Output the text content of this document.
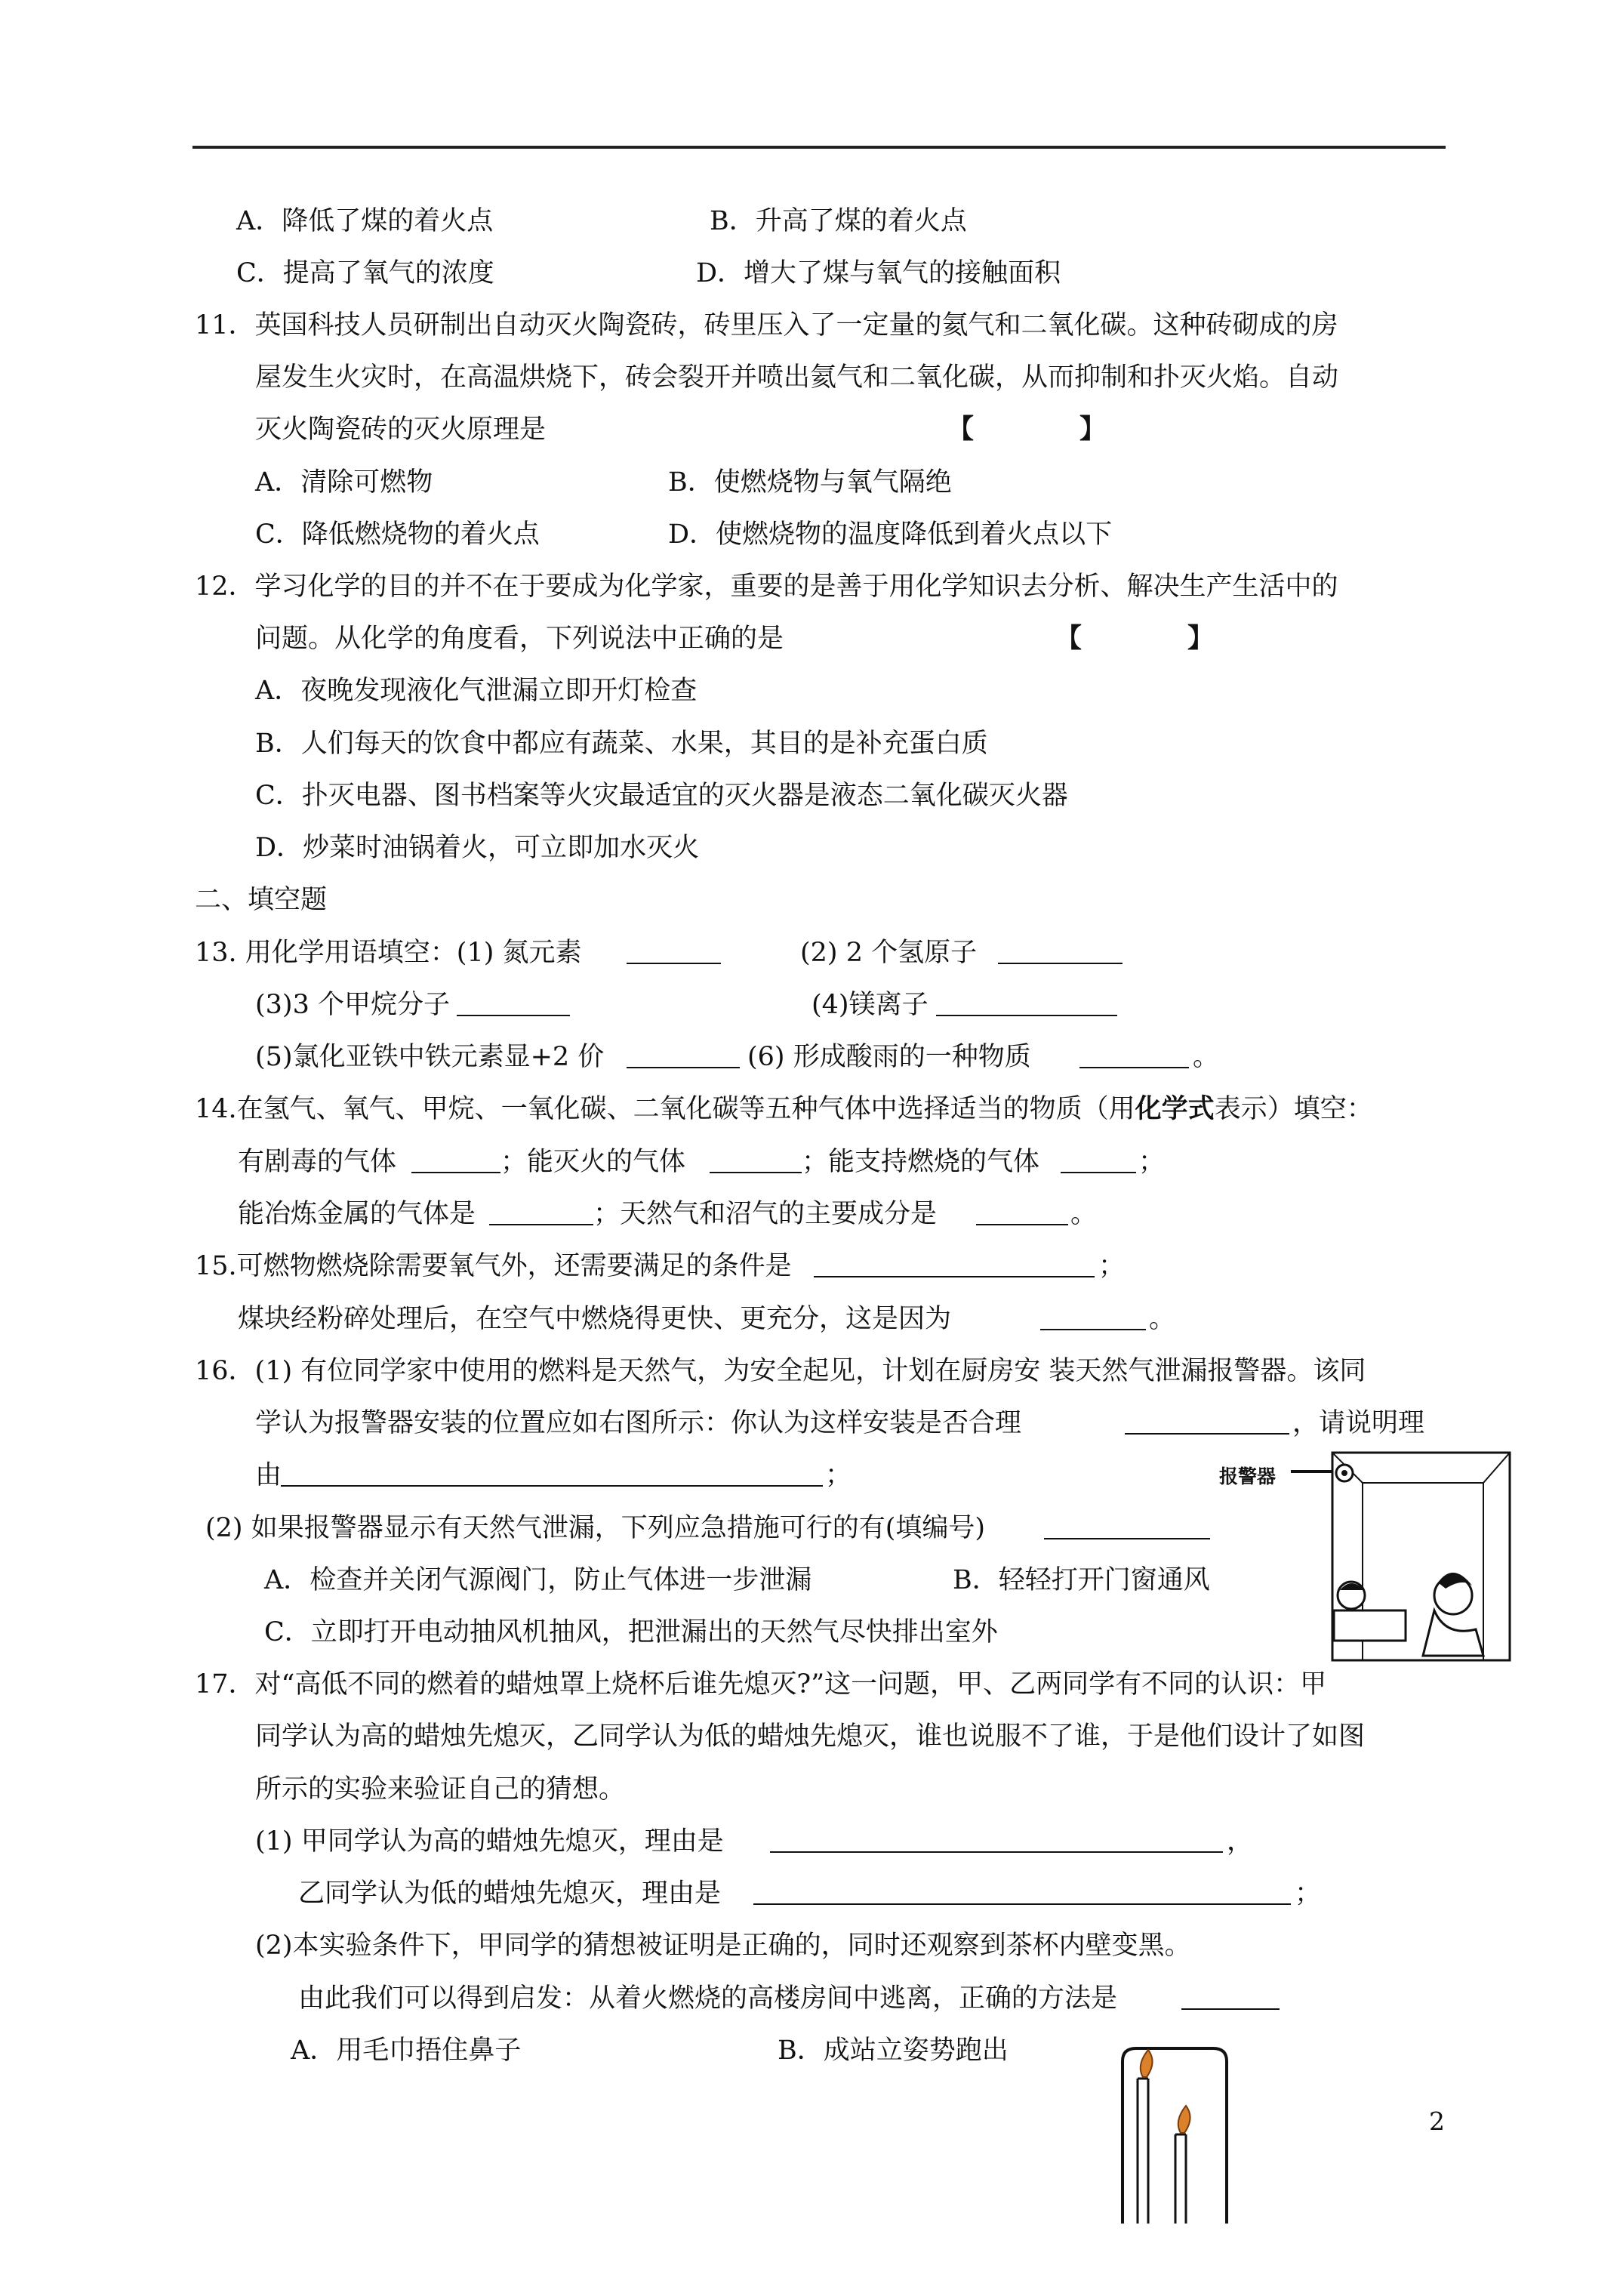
A．降低了煤的着火点	B．升高了煤的着火点
C．提高了氧气的浓度	D．增大了煤与氧气的接触面积
11．英国科技人员研制出自动灭火陶瓷砖，砖里压入了一定量的氦气和二氧化碳。这种砖砌成的房
屋发生火灾时，在高温烘烧下，砖会裂开并喷出氦气和二氧化碳，从而抑制和扑灭火焰。自动
灭火陶瓷砖的灭火原理是	【　　　　】
A．清除可燃物	B．使燃烧物与氧气隔绝
C．降低燃烧物的着火点	D．使燃烧物的温度降低到着火点以下
12．学习化学的目的并不在于要成为化学家，重要的是善于用化学知识去分析、解决生产生活中的
问题。从化学的角度看，下列说法中正确的是	【　　　　】
A．夜晚发现液化气泄漏立即开灯检查
B．人们每天的饮食中都应有蔬菜、水果，其目的是补充蛋白质
C．扑灭电器、图书档案等火灾最适宜的灭火器是液态二氧化碳灭火器
D．炒菜时油锅着火，可立即加水灭火
二、填空题
13. 用化学用语填空：(1) 氮元素	(2) 2 个氢原子
(3)3 个甲烷分子	(4)镁离子
(5)氯化亚铁中铁元素显+2 价	(6) 形成酸雨的一种物质	。
14.在氢气、氧气、甲烷、一氧化碳、二氧化碳等五种气体中选择适当的物质（用化学式表示）填空：
有剧毒的气体	；能灭火的气体	；能支持燃烧的气体	；
能冶炼金属的气体是	；天然气和沼气的主要成分是	。
15.可燃物燃烧除需要氧气外，还需要满足的条件是	；
煤块经粉碎处理后，在空气中燃烧得更快、更充分，这是因为	。
16．(1) 有位同学家中使用的燃料是天然气，为安全起见，计划在厨房安 装天然气泄漏报警器。该同
学认为报警器安装的位置应如右图所示：你认为这样安装是否合理	，请说明理
由	；
(2) 如果报警器显示有天然气泄漏，下列应急措施可行的有(填编号)
A．检查并关闭气源阀门，防止气体进一步泄漏	B．轻轻打开门窗通风
C．立即打开电动抽风机抽风，把泄漏出的天然气尽快排出室外
报警器
17．对“高低不同的燃着的蜡烛罩上烧杯后谁先熄灭?”这一问题，甲、乙两同学有不同的认识：甲
同学认为高的蜡烛先熄灭，乙同学认为低的蜡烛先熄灭，谁也说服不了谁，于是他们设计了如图
所示的实验来验证自己的猜想。
(1) 甲同学认为高的蜡烛先熄灭，理由是	，
乙同学认为低的蜡烛先熄灭，理由是	；
(2)本实验条件下，甲同学的猜想被证明是正确的，同时还观察到茶杯内壁变黑。
由此我们可以得到启发：从着火燃烧的高楼房间中逃离，正确的方法是
A．用毛巾捂住鼻子	B．成站立姿势跑出
2
